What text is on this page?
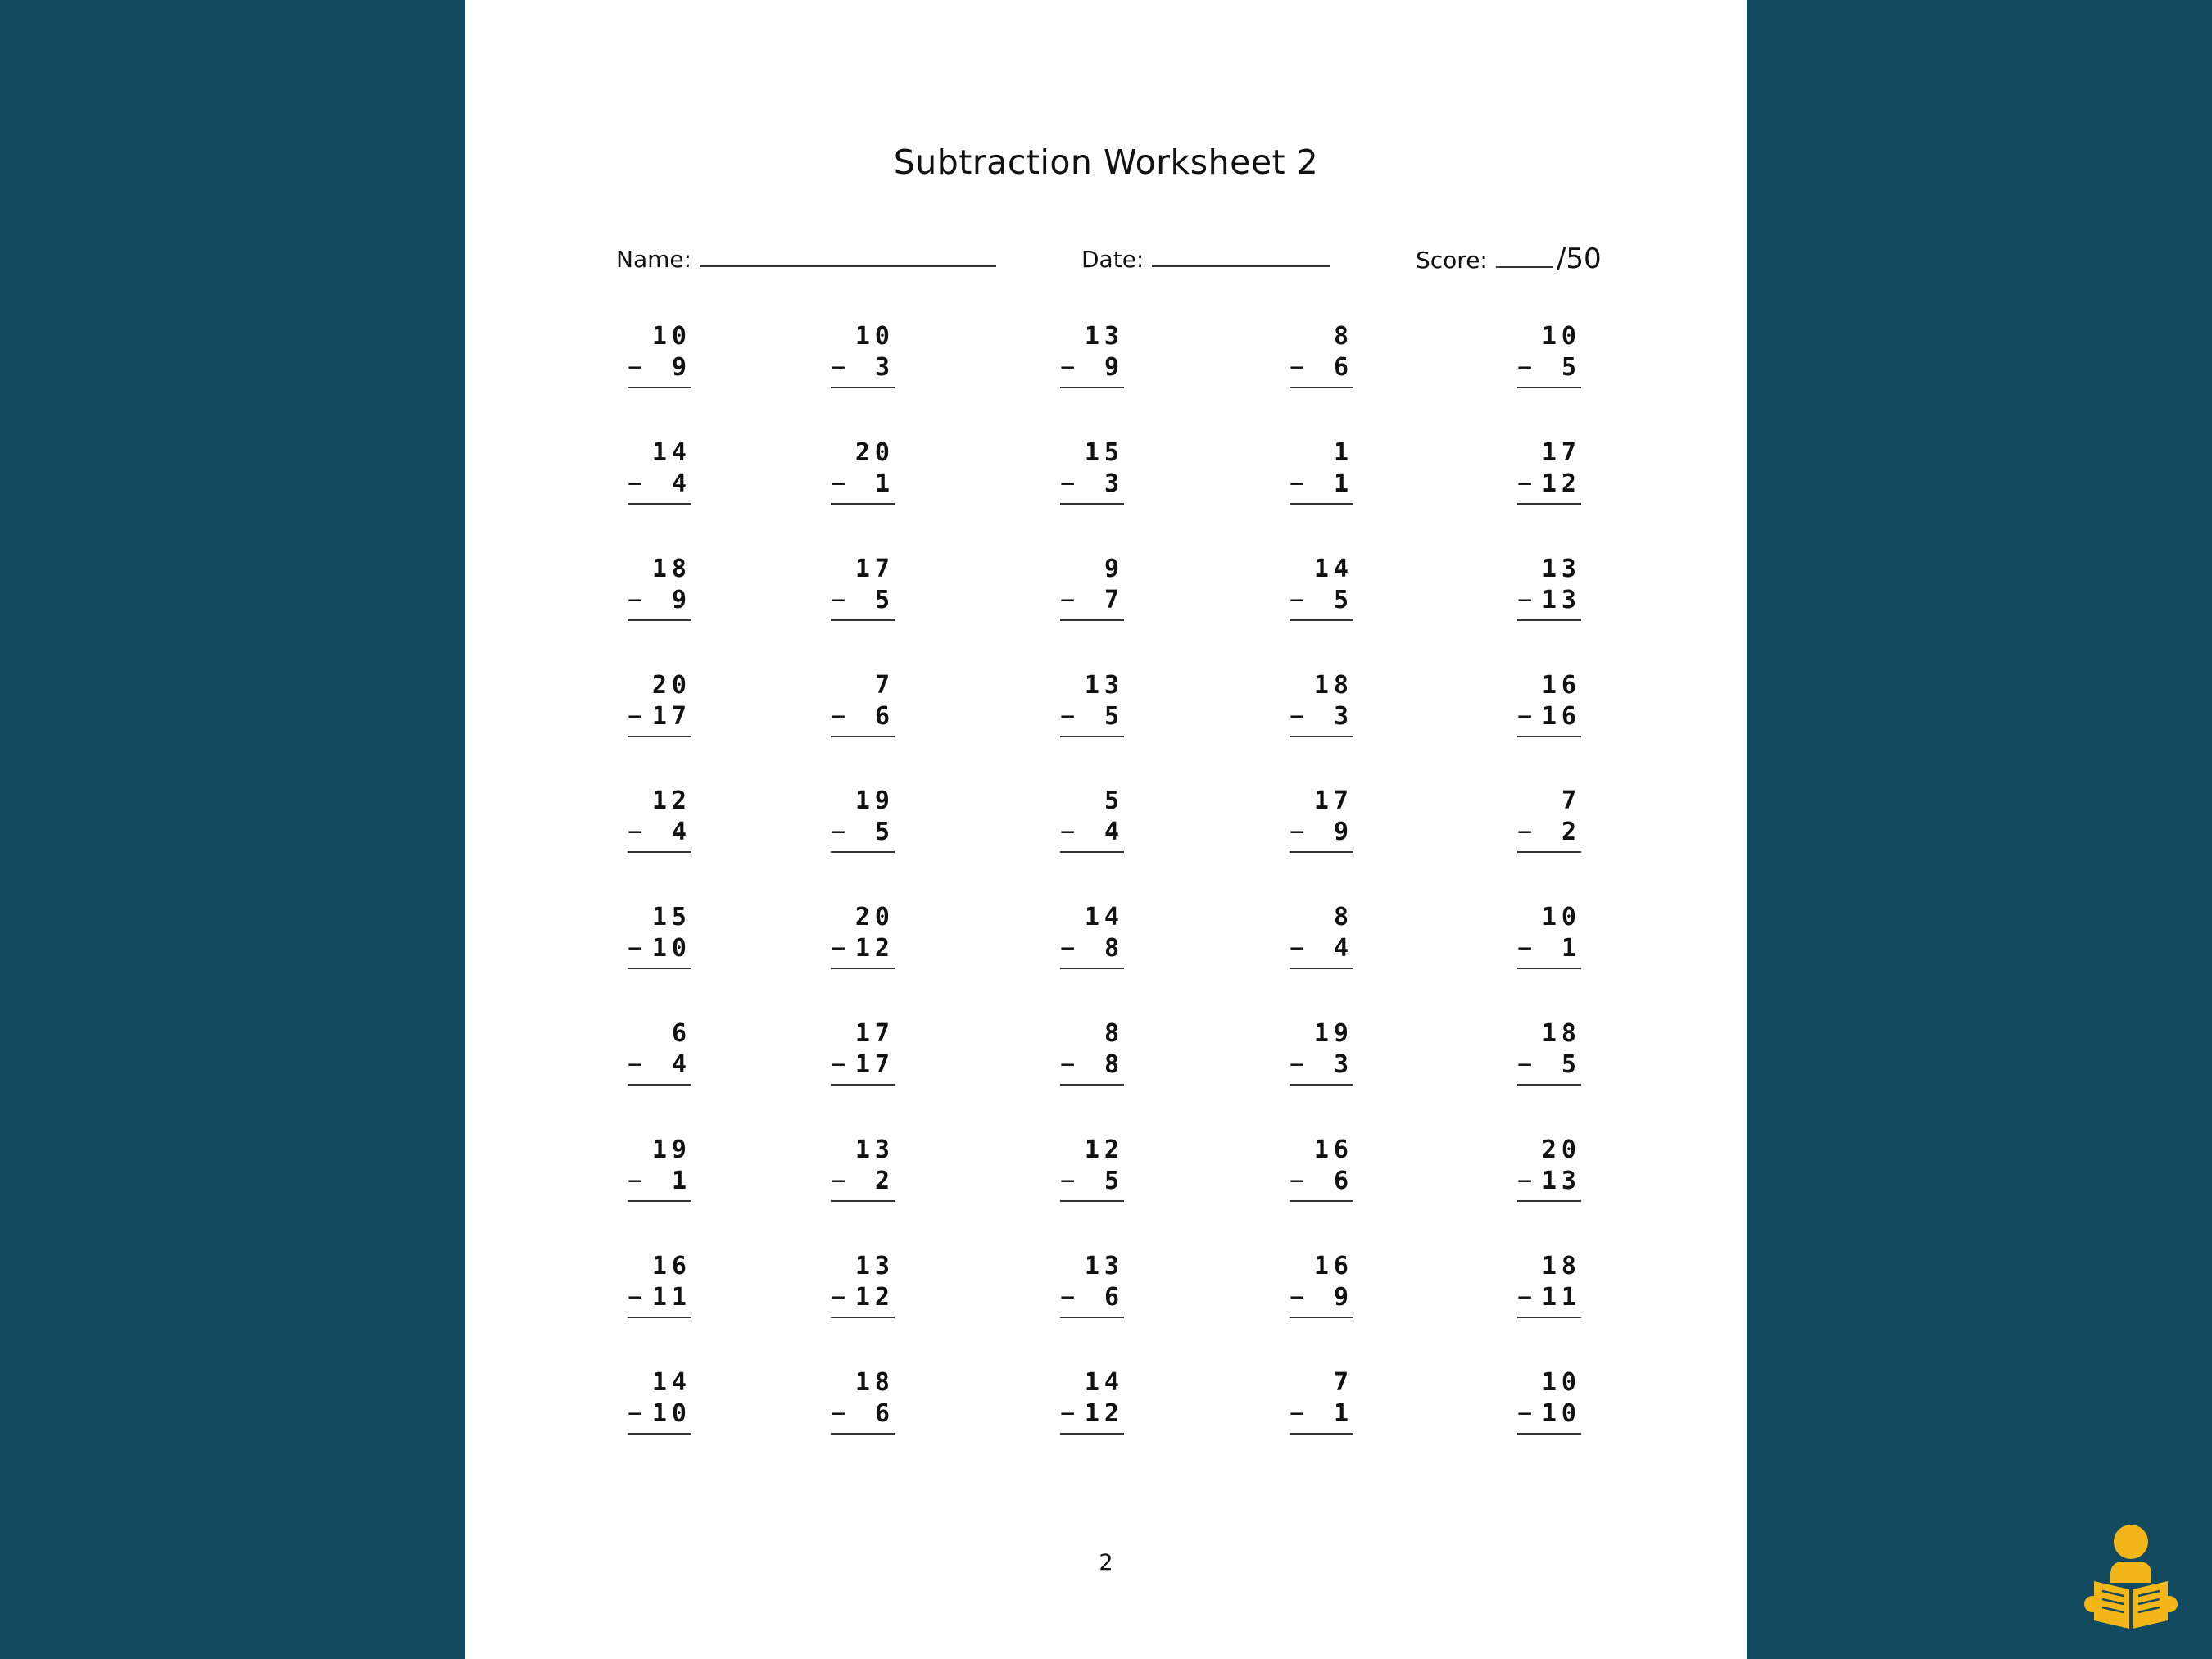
Subtraction Worksheet 2
Name:	Date:	Score: /50
10
− 9
10
− 3
13
− 9
8
− 6
10
− 5
14
− 4
20
− 1
15
− 3
1
− 1
17
− 12
18
− 9
17
− 5
9
− 7
14
− 5
13
− 13
20
− 17
7
− 6
13
− 5
18
− 3
16
− 16
12
− 4
19
− 5
5
− 4
17
− 9
7
− 2
15
− 10
20
− 12
14
− 8
8
− 4
10
− 1
6
− 4
17
− 17
8
− 8
19
− 3
18
− 5
19
− 1
13
− 2
12
− 5
16
− 6
20
− 13
16
− 11
13
− 12
13
− 6
16
− 9
18
− 11
14
− 10
18
− 6
14
− 12
7
− 1
10
− 10
2
